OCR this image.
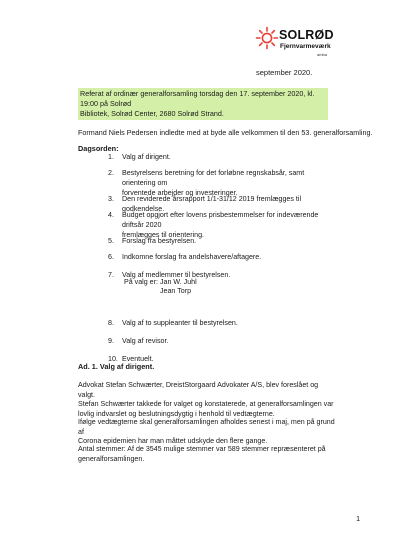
SOLRØD
Fjernvarmeværk
amba
september 2020.
Referat af ordinær generalforsamling torsdag den 17. september 2020, kl. 19:00 på Solrød
Bibliotek, Solrød Center, 2680 Solrød Strand.
Formand Niels Pedersen indledte med at byde alle velkommen til den 53. generalforsamling.
Dagsorden:
1. Valg af dirigent.
2. Bestyrelsens beretning for det forløbne regnskabsår, samt orientering om
forventede arbejder og investeringer.
3. Den reviderede årsrapport 1/1-31/12 2019 fremlægges til godkendelse.
4. Budget opgjort efter lovens prisbestemmelser for indeværende driftsår 2020
fremlægges til orientering.
5. Forslag fra bestyrelsen.
6. Indkomne forslag fra andelshavere/aftagere.
7. Valg af medlemmer til bestyrelsen.
8. Valg af to suppleanter til bestyrelsen.
9. Valg af revisor.
10. Eventuelt.
På valg er: Jan W. Juhl
Jean Torp
Ad. 1. Valg af dirigent.
Advokat Stefan Schwærter, DreistStorgaard Advokater A/S, blev foreslået og valgt.
Stefan Schwærter takkede for valget og konstaterede, at generalforsamlingen var
lovlig indvarslet og beslutningsdygtig i henhold til vedtægterne.
Ifølge vedtægterne skal generalforsamlingen afholdes senest i maj, men på grund af
Corona epidemien har man måttet udskyde den flere gange.
Antal stemmer: Af de 3545 mulige stemmer var 589 stemmer repræsenteret på
generalforsamlingen.
1
